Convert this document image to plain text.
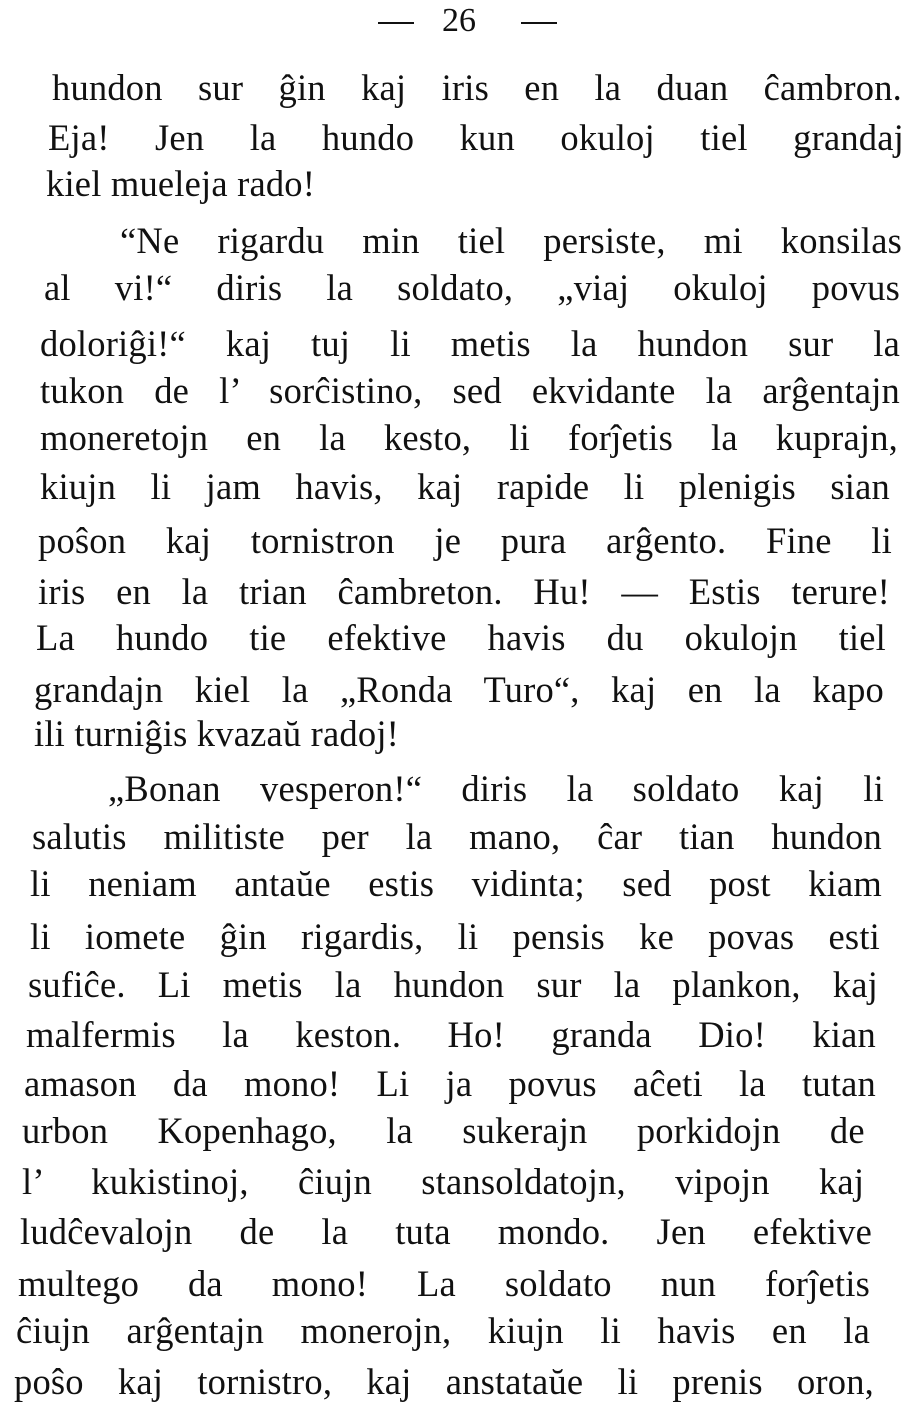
26
hundon sur ĝin kaj iris en la duan ĉambron.
Eja! Jen la hundo kun okuloj tiel grandaj
kiel mueleja rado!
“Ne rigardu min tiel persiste, mi konsilas
al vi!“ diris la soldato, „viaj okuloj povus
doloriĝi!“ kaj tuj li metis la hundon sur la
tukon de l’ sorĉistino, sed ekvidante la arĝentajn
moneretojn en la kesto, li forĵetis la kuprajn,
kiujn li jam havis, kaj rapide li plenigis sian
poŝon kaj tornistron je pura arĝento. Fine li
iris en la trian ĉambreton. Hu! — Estis terure!
La hundo tie efektive havis du okulojn tiel
grandajn kiel la „Ronda Turo“, kaj en la kapo
ili turniĝis kvazaŭ radoj!
„Bonan vesperon!“ diris la soldato kaj li
salutis militiste per la mano, ĉar tian hundon
li neniam antaŭe estis vidinta; sed post kiam
li iomete ĝin rigardis, li pensis ke povas esti
sufiĉe. Li metis la hundon sur la plankon, kaj
malfermis la keston. Ho! granda Dio! kian
amason da mono! Li ja povus aĉeti la tutan
urbon Kopenhago, la sukerajn porkidojn de
l’ kukistinoj, ĉiujn stansoldatojn, vipojn kaj
ludĉevalojn de la tuta mondo. Jen efektive
multego da mono! La soldato nun forĵetis
ĉiujn arĝentajn monerojn, kiujn li havis en la
poŝo kaj tornistro, kaj anstataŭe li prenis oron,
